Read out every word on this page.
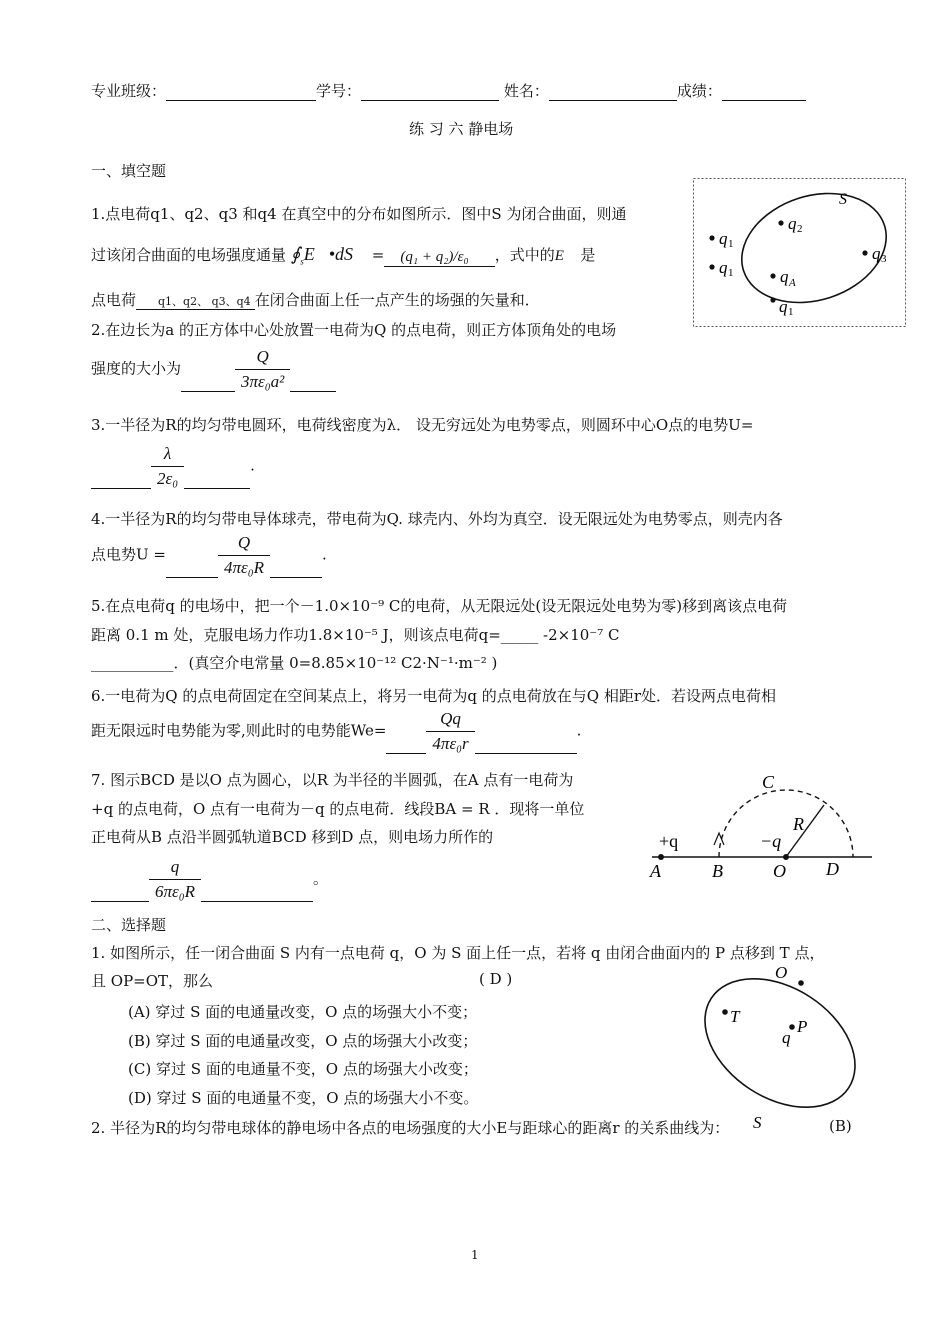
专业班级：	学号：	姓名：	成绩：
练 习 六 静电场
一、填空题
1.点电荷q1、q2、q3 和q4 在真空中的分布如图所示．图中S 为闭合曲面，则通
过该闭合曲面的电场强度通量 $∮_sE⃗•dS⃗ = (q_1 + q_2)/\varepsilon_0$ ，式中的E⃗ 是
点电荷 q1、q2、 q3、q4 在闭合曲面上任一点产生的场强的矢量和．
S
q 2
q 1
q 1
q 3
q A
q 1
2.在边长为a 的正方体中心处放置一电荷为Q 的点电荷，则正方体顶角处的电场
强度的大小为	$\frac{Q}{\text{3πε₀a²}}$
3.一半径为R的均匀带电圆环，电荷线密度为λ． 设无穷远处为电势零点，则圆环中心O点的电势U=
$\frac{\lambda}{\text{2ε₀}}$	.
4.一半径为R的均匀带电导体球壳，带电荷为Q. 球壳内、外均为真空．设无限远处为电势零点，则壳内各
点电势U =	$\frac{Q}{\text{4πε₀R}}$	.
5.在点电荷q 的电场中，把一个－1.0×10⁻⁹ C的电荷，从无限远处(设无限远处电势为零)移到离该点电荷
距离 0.1 m 处，克服电场力作功1.8×10⁻⁵ J，则该点电荷q=_____ -2×10⁻⁷ C
___________．(真空介电常量 0=8.85×10⁻¹² C2·N⁻¹·m⁻² )
6.一电荷为Q 的点电荷固定在空间某点上，将另一电荷为q 的点电荷放在与Q 相距r处．若设两点电荷相
距无限远时电势能为零,则此时的电势能$We= \frac{Qq}{\text{4πε₀r}}$	.
7. 图示BCD 是以O 点为圆心，以R 为半径的半圆弧，在A 点有一电荷为
+q 的点电荷，O 点有一电荷为－q 的点电荷．线段BA = R ．现将一单位
正电荷从B 点沿半圆弧轨道BCD 移到D 点，则电场力所作的
$\frac{q}{\text{6πε₀R}}$	。
C
R
+q	−q
A	B	O D
二、选择题
1. 如图所示，任一闭合曲面 S 内有一点电荷 q，O 为 S 面上任一点，若将 q 由闭合曲面内的 P 点移到 T 点，
且 OP=OT，那么	( D )
(A) 穿过 S 面的电通量改变，O 点的场强大小不变；
(B) 穿过 S 面的电通量改变，O 点的场强大小改变；
(C) 穿过 S 面的电通量不变，O 点的场强大小改变；
(D) 穿过 S 面的电通量不变，O 点的场强大小不变。
O
T
P
q
S
2. 半径为R的均匀带电球体的静电场中各点的电场强度的大小E与距球心的距离r 的关系曲线为：	(B)
1
